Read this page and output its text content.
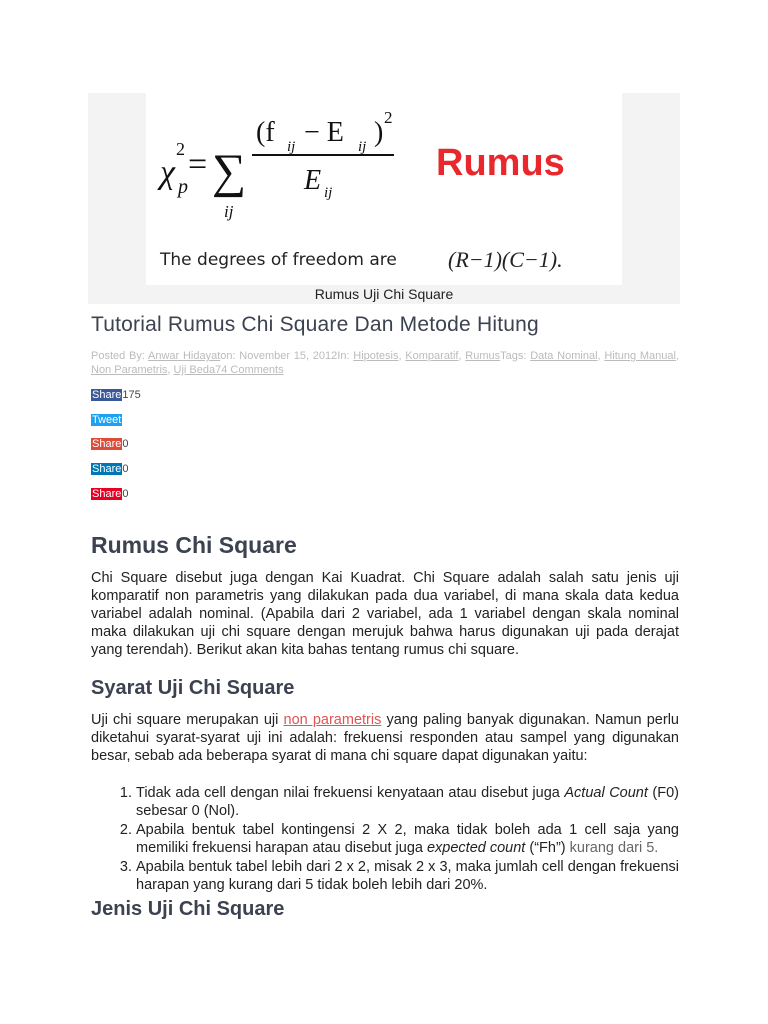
χ
2
p
= ∑
ij
(f ij − E ij ) 2
E ij
Rumus
The degrees of freedom are (R−1)(C−1).
Rumus Uji Chi Square
Tutorial Rumus Chi Square Dan Metode Hitung
Posted By: Anwar Hidayaton: November 15, 2012In: Hipotesis, Komparatif, RumusTags: Data Nominal, Hitung Manual, Non Parametris, Uji Beda74 Comments
Share175
Tweet
Share0
Share0
Share0
Rumus Chi Square

Chi Square disebut juga dengan Kai Kuadrat. Chi Square adalah salah satu jenis uji komparatif non parametris yang dilakukan pada dua variabel, di mana skala data kedua variabel adalah nominal. (Apabila dari 2 variabel, ada 1 variabel dengan skala nominal maka dilakukan uji chi square dengan merujuk bahwa harus digunakan uji pada derajat yang terendah). Berikut akan kita bahas tentang rumus chi square.

Syarat Uji Chi Square

Uji chi square merupakan uji non parametris yang paling banyak digunakan. Namun perlu diketahui syarat-syarat uji ini adalah: frekuensi responden atau sampel yang digunakan besar, sebab ada beberapa syarat di mana chi square dapat digunakan yaitu:

1. Tidak ada cell dengan nilai frekuensi kenyataan atau disebut juga Actual Count (F0) sebesar 0 (Nol).
2. Apabila bentuk tabel kontingensi 2 X 2, maka tidak boleh ada 1 cell saja yang memiliki frekuensi harapan atau disebut juga expected count (“Fh”) kurang dari 5.
3. Apabila bentuk tabel lebih dari 2 x 2, misak 2 x 3, maka jumlah cell dengan frekuensi harapan yang kurang dari 5 tidak boleh lebih dari 20%.
Jenis Uji Chi Square
